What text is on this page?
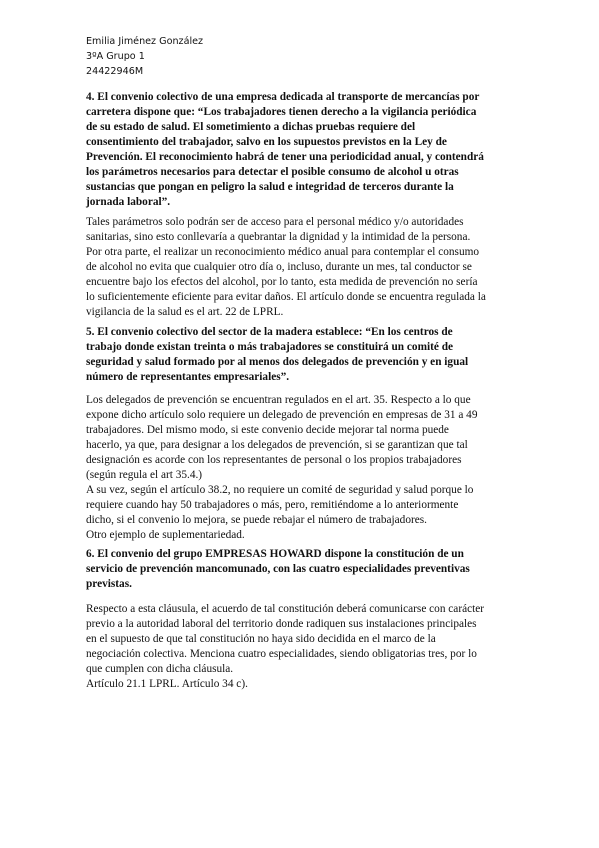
Emilia Jiménez González
3ºA Grupo 1
24422946M
4. El convenio colectivo de una empresa dedicada al transporte de mercancías por
carretera dispone que: “Los trabajadores tienen derecho a la vigilancia periódica
de su estado de salud. El sometimiento a dichas pruebas requiere del
consentimiento del trabajador, salvo en los supuestos previstos en la Ley de
Prevención. El reconocimiento habrá de tener una periodicidad anual, y contendrá
los parámetros necesarios para detectar el posible consumo de alcohol u otras
sustancias que pongan en peligro la salud e integridad de terceros durante la
jornada laboral”.
Tales parámetros solo podrán ser de acceso para el personal médico y/o autoridades
sanitarias, sino esto conllevaría a quebrantar la dignidad y la intimidad de la persona.
Por otra parte, el realizar un reconocimiento médico anual para contemplar el consumo
de alcohol no evita que cualquier otro día o, incluso, durante un mes, tal conductor se
encuentre bajo los efectos del alcohol, por lo tanto, esta medida de prevención no sería
lo suficientemente eficiente para evitar daños. El artículo donde se encuentra regulada la
vigilancia de la salud es el art. 22 de LPRL.
5. El convenio colectivo del sector de la madera establece: “En los centros de
trabajo donde existan treinta o más trabajadores se constituirá un comité de
seguridad y salud formado por al menos dos delegados de prevención y en igual
número de representantes empresariales”.
Los delegados de prevención se encuentran regulados en el art. 35. Respecto a lo que
expone dicho artículo solo requiere un delegado de prevención en empresas de 31 a 49
trabajadores. Del mismo modo, si este convenio decide mejorar tal norma puede
hacerlo, ya que, para designar a los delegados de prevención, si se garantizan que tal
designación es acorde con los representantes de personal o los propios trabajadores
(según regula el art 35.4.)
A su vez, según el artículo 38.2, no requiere un comité de seguridad y salud porque lo
requiere cuando hay 50 trabajadores o más, pero, remitiéndome a lo anteriormente
dicho, si el convenio lo mejora, se puede rebajar el número de trabajadores.
Otro ejemplo de suplementariedad.
6. El convenio del grupo EMPRESAS HOWARD dispone la constitución de un
servicio de prevención mancomunado, con las cuatro especialidades preventivas
previstas.
Respecto a esta cláusula, el acuerdo de tal constitución deberá comunicarse con carácter
previo a la autoridad laboral del territorio donde radiquen sus instalaciones principales
en el supuesto de que tal constitución no haya sido decidida en el marco de la
negociación colectiva. Menciona cuatro especialidades, siendo obligatorias tres, por lo
que cumplen con dicha cláusula.
Artículo 21.1 LPRL. Artículo 34 c).
